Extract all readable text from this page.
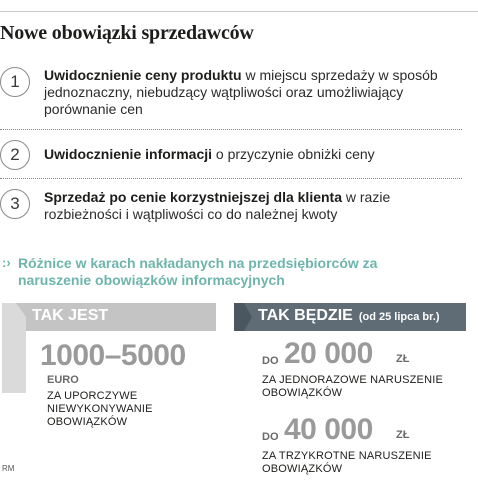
Nowe obowiązki sprzedawców
1	Uwidocznienie ceny produktu w miejscu sprzedaży w sposób jednoznaczny, niebudzący wątpliwości oraz umożliwiający porównanie cen
2	Uwidocznienie informacji o przyczynie obniżki ceny
3	Sprzedaż po cenie korzystniejszej dla klienta w razie rozbieżności i wątpliwości co do należnej kwoty
:› Różnice w karach nakładanych na przedsiębiorców za naruszenie obowiązków informacyjnych
TAK JEST	TAK BĘDZIE (od 25 lipca br.)
1000–5000
EURO
ZA UPORCZYWE NIEWYKONYWANIE OBOWIĄZKÓW
DO 20 000 ZŁ
ZA JEDNORAZOWE NARUSZENIE OBOWIĄZKÓW
DO 40 000 ZŁ
ZA TRZYKROTNE NARUSZENIE OBOWIĄZKÓW
RM
